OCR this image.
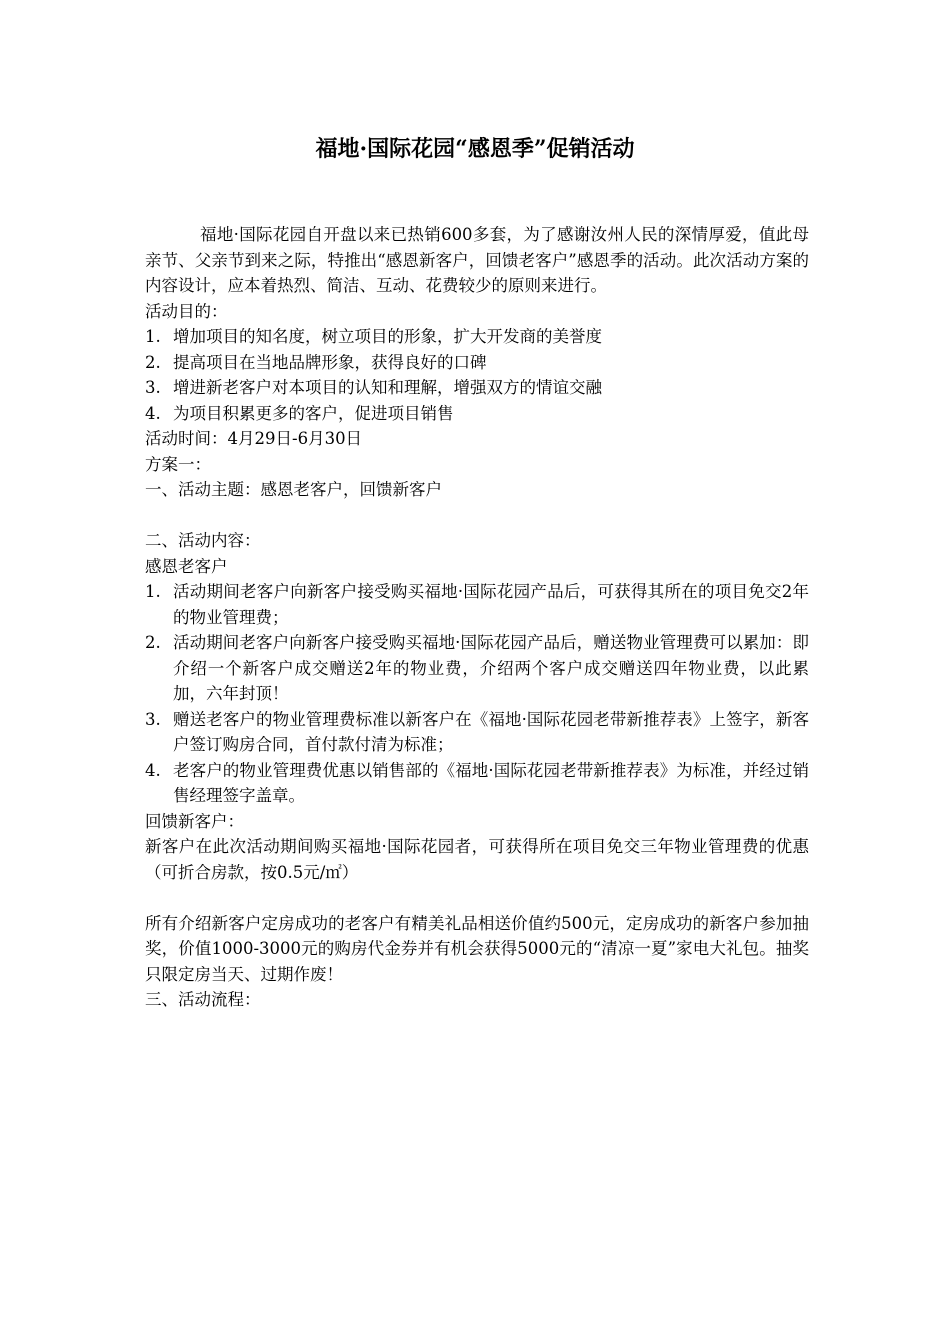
福地·国际花园“感恩季”促销活动

福地·国际花园自开盘以来已热销600多套，为了感谢汝州人民的深情厚爱，值此母亲节、父亲节到来之际，特推出“感恩新客户，回馈老客户”感恩季的活动。此次活动方案的内容设计，应本着热烈、简洁、互动、花费较少的原则来进行。

活动目的：

1. 增加项目的知名度，树立项目的形象，扩大开发商的美誉度

2. 提高项目在当地品牌形象，获得良好的口碑

3. 增进新老客户对本项目的认知和理解，增强双方的情谊交融

4. 为项目积累更多的客户，促进项目销售

活动时间：4月29日-6月30日

方案一：

一、活动主题：感恩老客户，回馈新客户

二、活动内容：

感恩老客户

1. 活动期间老客户向新客户接受购买福地·国际花园产品后，可获得其所在的项目免交2年的物业管理费；

2. 活动期间老客户向新客户接受购买福地·国际花园产品后，赠送物业管理费可以累加：即介绍一个新客户成交赠送2年的物业费，介绍两个客户成交赠送四年物业费，以此累加，六年封顶！

3. 赠送老客户的物业管理费标准以新客户在《福地·国际花园老带新推荐表》上签字，新客户签订购房合同，首付款付清为标准；

4. 老客户的物业管理费优惠以销售部的《福地·国际花园老带新推荐表》为标准，并经过销售经理签字盖章。

回馈新客户：

新客户在此次活动期间购买福地·国际花园者，可获得所在项目免交三年物业管理费的优惠（可折合房款，按0.5元/㎡）

所有介绍新客户定房成功的老客户有精美礼品相送价值约500元，定房成功的新客户参加抽奖，价值1000-3000元的购房代金券并有机会获得5000元的“清凉一夏”家电大礼包。抽奖只限定房当天、过期作废！

三、活动流程：
